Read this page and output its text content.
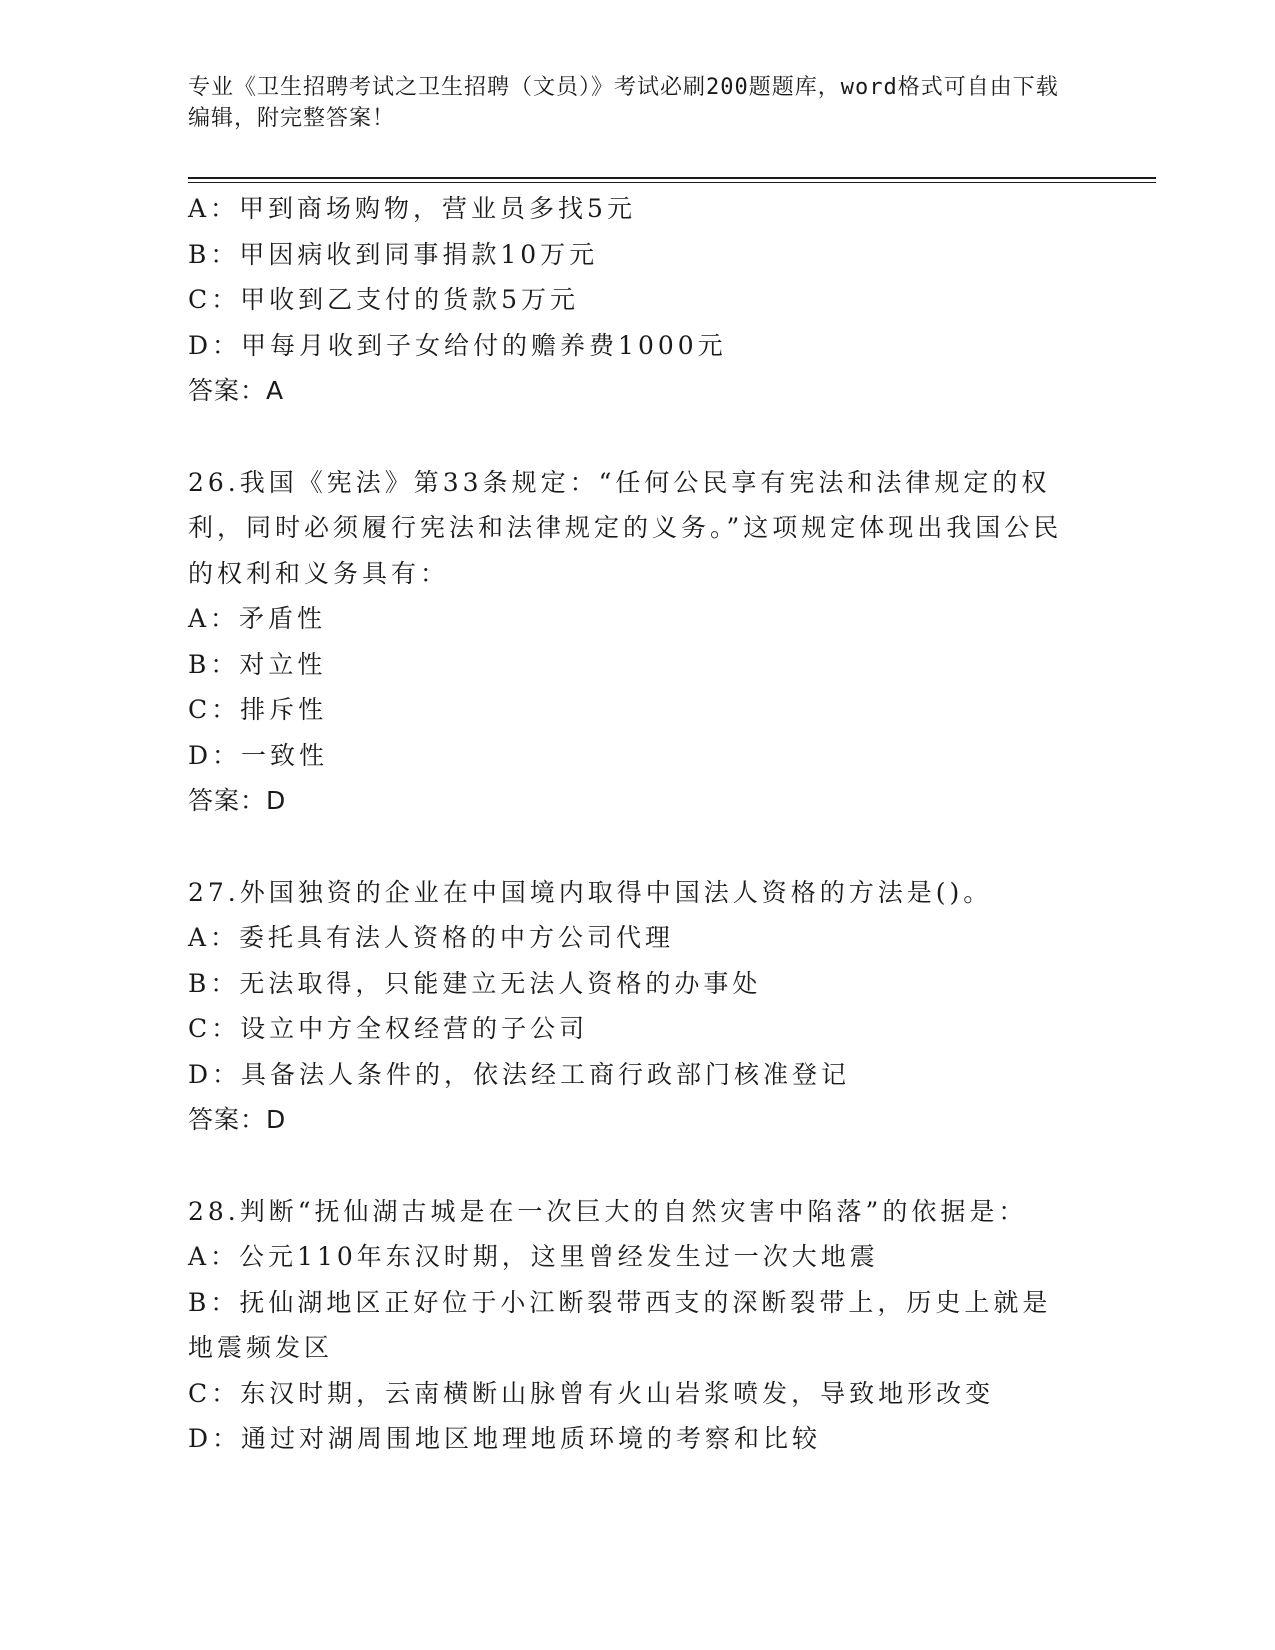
专业《卫生招聘考试之卫生招聘（文员）》考试必刷200题题库，word格式可自由下载编辑，附完整答案！
A：甲到商场购物，营业员多找5元
B：甲因病收到同事捐款10万元
C：甲收到乙支付的货款5万元
D：甲每月收到子女给付的赡养费1000元
答案：A
26.我国《宪法》第33条规定：“任何公民享有宪法和法律规定的权利，同时必须履行宪法和法律规定的义务。”这项规定体现出我国公民的权利和义务具有：
A：矛盾性
B：对立性
C：排斥性
D：一致性
答案：D
27.外国独资的企业在中国境内取得中国法人资格的方法是()。
A：委托具有法人资格的中方公司代理
B：无法取得，只能建立无法人资格的办事处
C：设立中方全权经营的子公司
D：具备法人条件的，依法经工商行政部门核准登记
答案：D
28.判断“抚仙湖古城是在一次巨大的自然灾害中陷落”的依据是：
A：公元110年东汉时期，这里曾经发生过一次大地震
B：抚仙湖地区正好位于小江断裂带西支的深断裂带上，历史上就是地震频发区
C：东汉时期，云南横断山脉曾有火山岩浆喷发，导致地形改变
D：通过对湖周围地区地理地质环境的考察和比较
